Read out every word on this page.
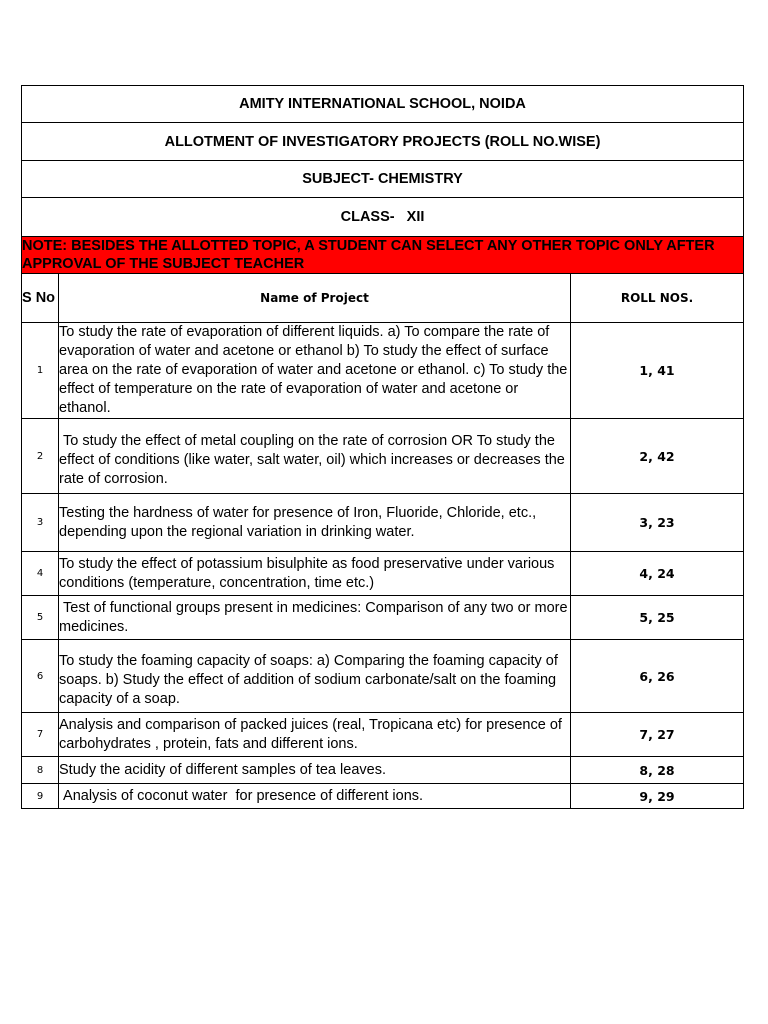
AMITY INTERNATIONAL SCHOOL, NOIDA		
ALLOTMENT OF INVESTIGATORY PROJECTS (ROLL NO.WISE)		
SUBJECT- CHEMISTRY		
CLASS-   XII		
NOTE: BESIDES THE ALLOTTED TOPIC, A STUDENT CAN SELECT ANY OTHER TOPIC ONLY AFTER APPROVAL OF THE SUBJECT TEACHER		
S No	Name of Project	ROLL NOS.
1	To study the rate of evaporation of different liquids. a) To compare the rate of evaporation of water and acetone or ethanol b) To study the effect of surface area on the rate of evaporation of water and acetone or ethanol. c) To study the effect of temperature on the rate of evaporation of water and acetone or ethanol.	1, 41
2	To study the effect of metal coupling on the rate of corrosion OR To study the effect of conditions (like water, salt water, oil) which increases or decreases the rate of corrosion.	2, 42
3	Testing the hardness of water for presence of Iron, Fluoride, Chloride, etc., depending upon the regional variation in drinking water.	3, 23
4	To study the effect of potassium bisulphite as food preservative under various conditions (temperature, concentration, time etc.)	4, 24
5	Test of functional groups present in medicines: Comparison of any two or more medicines.	5, 25
6	To study the foaming capacity of soaps: a) Comparing the foaming capacity of soaps. b) Study the effect of addition of sodium carbonate/salt on the foaming capacity of a soap.	6, 26
7	Analysis and comparison of packed juices (real, Tropicana etc) for presence of carbohydrates , protein, fats and different ions.	7, 27
8	Study the acidity of different samples of tea leaves.	8, 28
9	Analysis of coconut water  for presence of different ions.	9, 29
